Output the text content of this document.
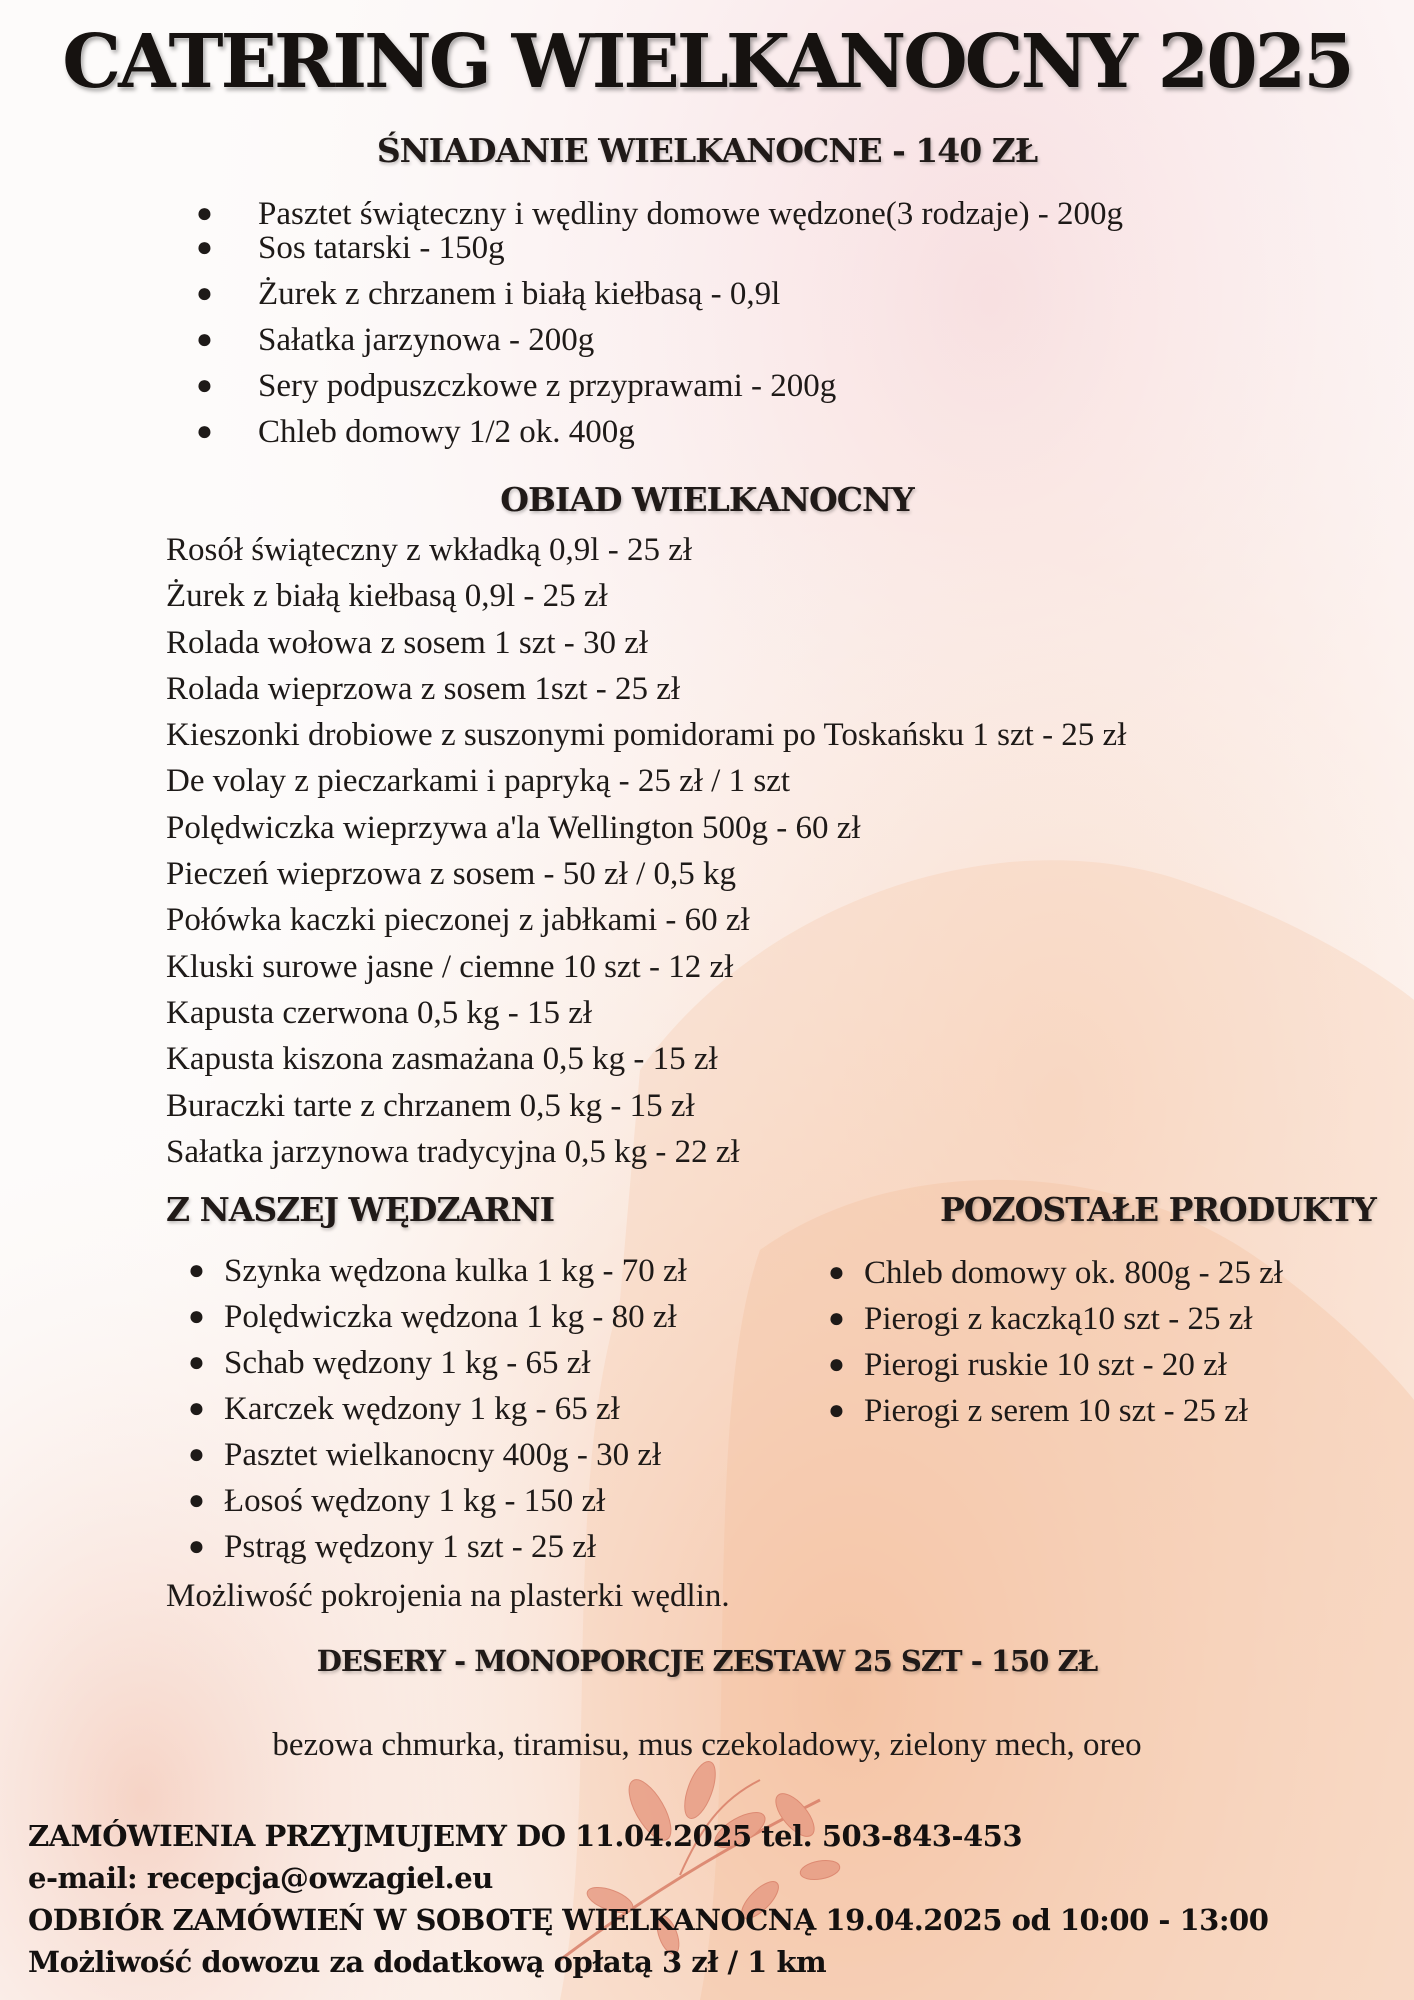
CATERING WIELKANOCNY 2025
ŚNIADANIE WIELKANOCNE - 140 ZŁ
● Pasztet świąteczny i wędliny domowe wędzone(3 rodzaje) - 200g
● Sos tatarski - 150g
● Żurek z chrzanem i białą kiełbasą - 0,9l
● Sałatka jarzynowa - 200g
● Sery podpuszczkowe z przyprawami - 200g
● Chleb domowy 1/2 ok. 400g
OBIAD WIELKANOCNY
Rosół świąteczny z wkładką 0,9l - 25 zł
Żurek z białą kiełbasą 0,9l - 25 zł
Rolada wołowa z sosem 1 szt - 30 zł
Rolada wieprzowa z sosem 1szt - 25 zł
Kieszonki drobiowe z suszonymi pomidorami po Toskańsku 1 szt - 25 zł
De volay z pieczarkami i papryką - 25 zł / 1 szt
Polędwiczka wieprzywa a'la Wellington 500g - 60 zł
Pieczeń wieprzowa z sosem - 50 zł / 0,5 kg
Połówka kaczki pieczonej z jabłkami - 60 zł
Kluski surowe jasne / ciemne 10 szt - 12 zł
Kapusta czerwona 0,5 kg - 15 zł
Kapusta kiszona zasmażana 0,5 kg - 15 zł
Buraczki tarte z chrzanem 0,5 kg - 15 zł
Sałatka jarzynowa tradycyjna 0,5 kg - 22 zł
Z NASZEJ WĘDZARNI
● Szynka wędzona kulka 1 kg - 70 zł
● Polędwiczka wędzona 1 kg - 80 zł
● Schab wędzony 1 kg - 65 zł
● Karczek wędzony 1 kg - 65 zł
● Pasztet wielkanocny 400g - 30 zł
● Łosoś wędzony 1 kg - 150 zł
● Pstrąg wędzony 1 szt - 25 zł

Możliwość pokrojenia na plasterki wędlin.

POZOSTAŁE PRODUKTY
● Chleb domowy ok. 800g - 25 zł
● Pierogi z kaczką10 szt - 25 zł
● Pierogi ruskie 10 szt - 20 zł
● Pierogi z serem 10 szt - 25 zł
DESERY - MONOPORCJE ZESTAW 25 SZT - 150 ZŁ

bezowa chmurka, tiramisu, mus czekoladowy, zielony mech, oreo

ZAMÓWIENIA PRZYJMUJEMY DO 11.04.2025 tel. 503-843-453
e-mail: recepcja@owzagiel.eu
ODBIÓR ZAMÓWIEŃ W SOBOTĘ WIELKANOCNĄ 19.04.2025 od 10:00 - 13:00
Możliwość dowozu za dodatkową opłatą 3 zł / 1 km
